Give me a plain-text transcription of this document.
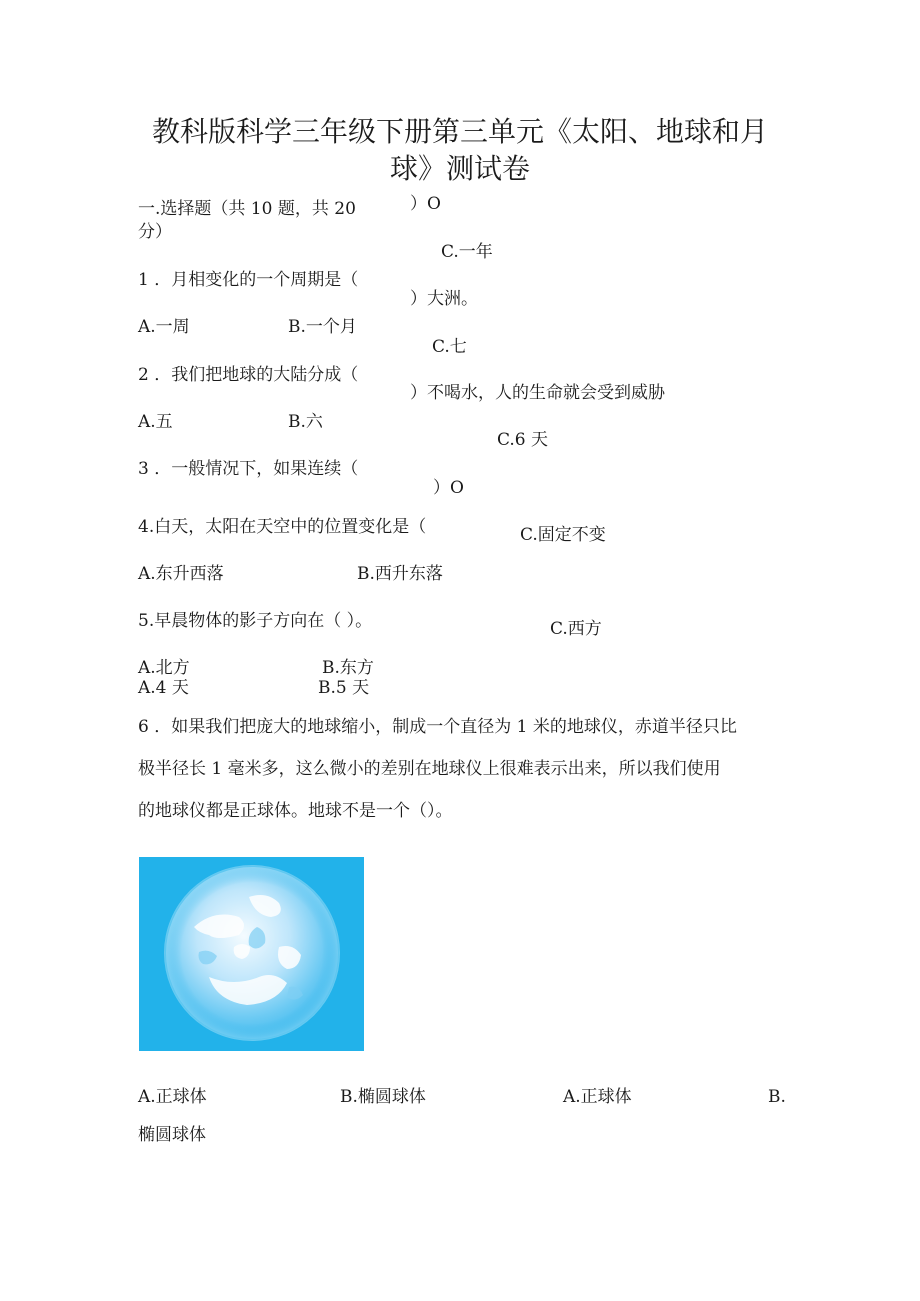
教科版科学三年级下册第三单元《太阳、地球和月
球》测试卷
一.选择题（共 10 题，共 20
分）
1 ．月相变化的一个周期是（
A.一周	B.一个月
C.一年
）O
2 ．我们把地球的大陆分成（
A.五	B.六
C.七
）大洲。
3 ．一般情况下，如果连续（
）不喝水，人的生命就会受到威胁
C.6 天
A.4 天	B.5 天
4.白天，太阳在天空中的位置变化是（
）O
C.固定不变
A.东升西落	B.西升东落
5.早晨物体的影子方向在（ ）。	C.西方
A.北方	B.东方
6 ．如果我们把庞大的地球缩小，制成一个直径为 1 米的地球仪，赤道半径只比
极半径长 1 毫米多，这么微小的差别在地球仪上很难表示出来，所以我们使用
的地球仪都是正球体。地球不是一个（）。
A.正球体	B.椭圆球体	A.正球体	B.
椭圆球体
